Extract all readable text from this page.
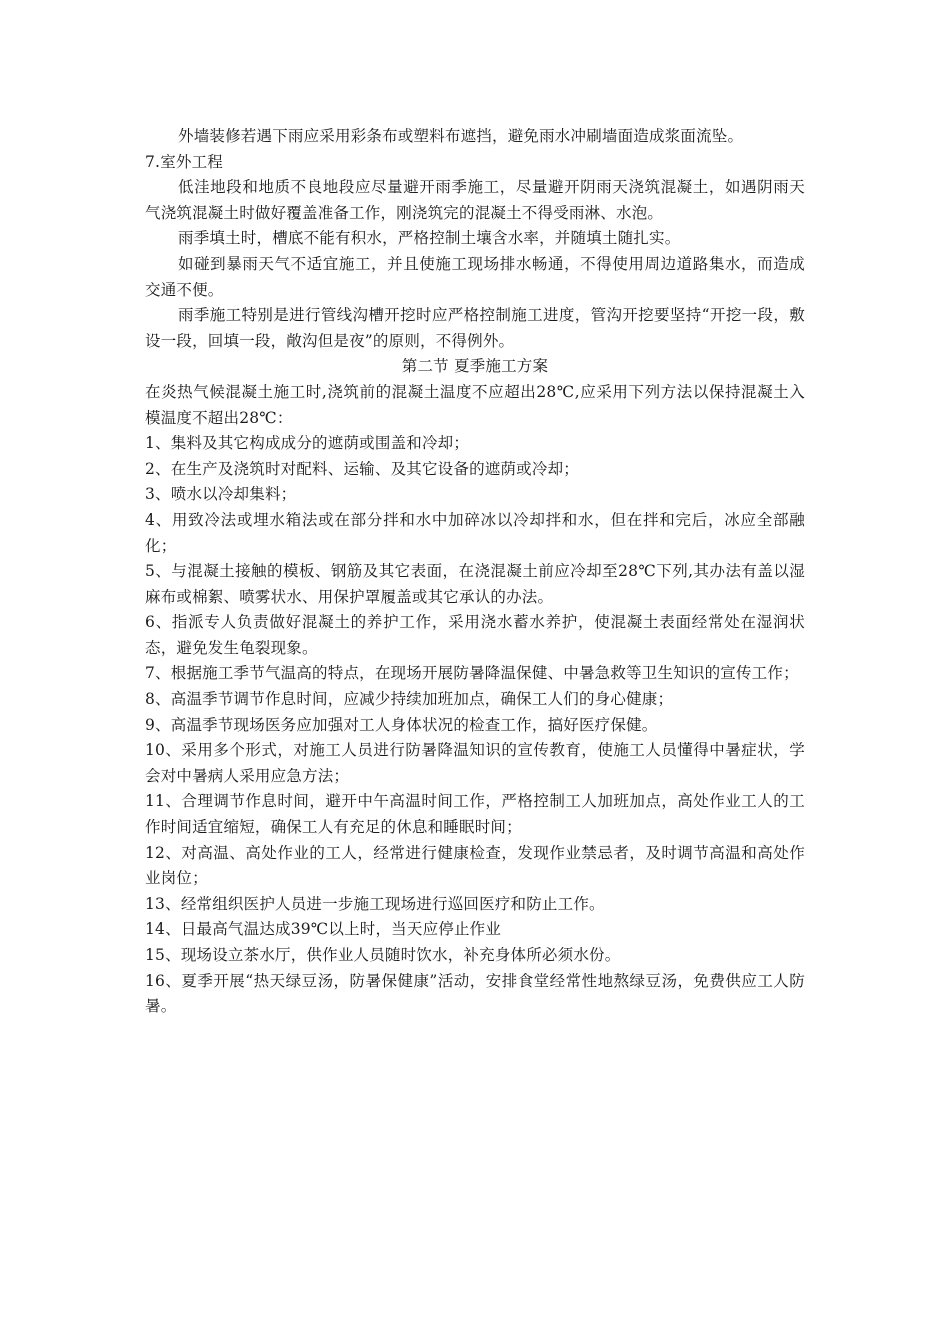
外墙装修若遇下雨应采用彩条布或塑料布遮挡，避免雨水冲刷墙面造成浆面流坠。

7.室外工程

低洼地段和地质不良地段应尽量避开雨季施工，尽量避开阴雨天浇筑混凝土，如遇阴雨天气浇筑混凝土时做好覆盖准备工作，刚浇筑完的混凝土不得受雨淋、水泡。

雨季填土时，槽底不能有积水，严格控制土壤含水率，并随填土随扎实。

如碰到暴雨天气不适宜施工，并且使施工现场排水畅通，不得使用周边道路集水，而造成交通不便。

雨季施工特别是进行管线沟槽开挖时应严格控制施工进度，管沟开挖要坚持“开挖一段，敷设一段，回填一段，敞沟但是夜”的原则，不得例外。

第二节 夏季施工方案

在炎热气候混凝土施工时,浇筑前的混凝土温度不应超出28℃,应采用下列方法以保持混凝土入模温度不超出28℃：

1、集料及其它构成成分的遮荫或围盖和冷却；

2、在生产及浇筑时对配料、运输、及其它设备的遮荫或冷却；

3、喷水以冷却集料；

4、用致冷法或埋水箱法或在部分拌和水中加碎冰以冷却拌和水，但在拌和完后，冰应全部融化；

5、与混凝土接触的模板、钢筋及其它表面，在浇混凝土前应冷却至28℃下列,其办法有盖以湿麻布或棉絮、喷雾状水、用保护罩履盖或其它承认的办法。

6、指派专人负责做好混凝土的养护工作，采用浇水蓄水养护，使混凝土表面经常处在湿润状态，避免发生龟裂现象。

7、根据施工季节气温高的特点，在现场开展防暑降温保健、中暑急救等卫生知识的宣传工作；

8、高温季节调节作息时间，应减少持续加班加点，确保工人们的身心健康；

9、高温季节现场医务应加强对工人身体状况的检查工作，搞好医疗保健。

10、采用多个形式，对施工人员进行防暑降温知识的宣传教育，使施工人员懂得中暑症状，学会对中暑病人采用应急方法；

11、合理调节作息时间，避开中午高温时间工作，严格控制工人加班加点，高处作业工人的工作时间适宜缩短，确保工人有充足的休息和睡眠时间；

12、对高温、高处作业的工人，经常进行健康检查，发现作业禁忌者，及时调节高温和高处作业岗位；

13、经常组织医护人员进一步施工现场进行巡回医疗和防止工作。

14、日最高气温达成39℃以上时，当天应停止作业

15、现场设立茶水厅，供作业人员随时饮水，补充身体所必须水份。

16、夏季开展“热天绿豆汤，防暑保健康”活动，安排食堂经常性地熬绿豆汤，免费供应工人防暑。
